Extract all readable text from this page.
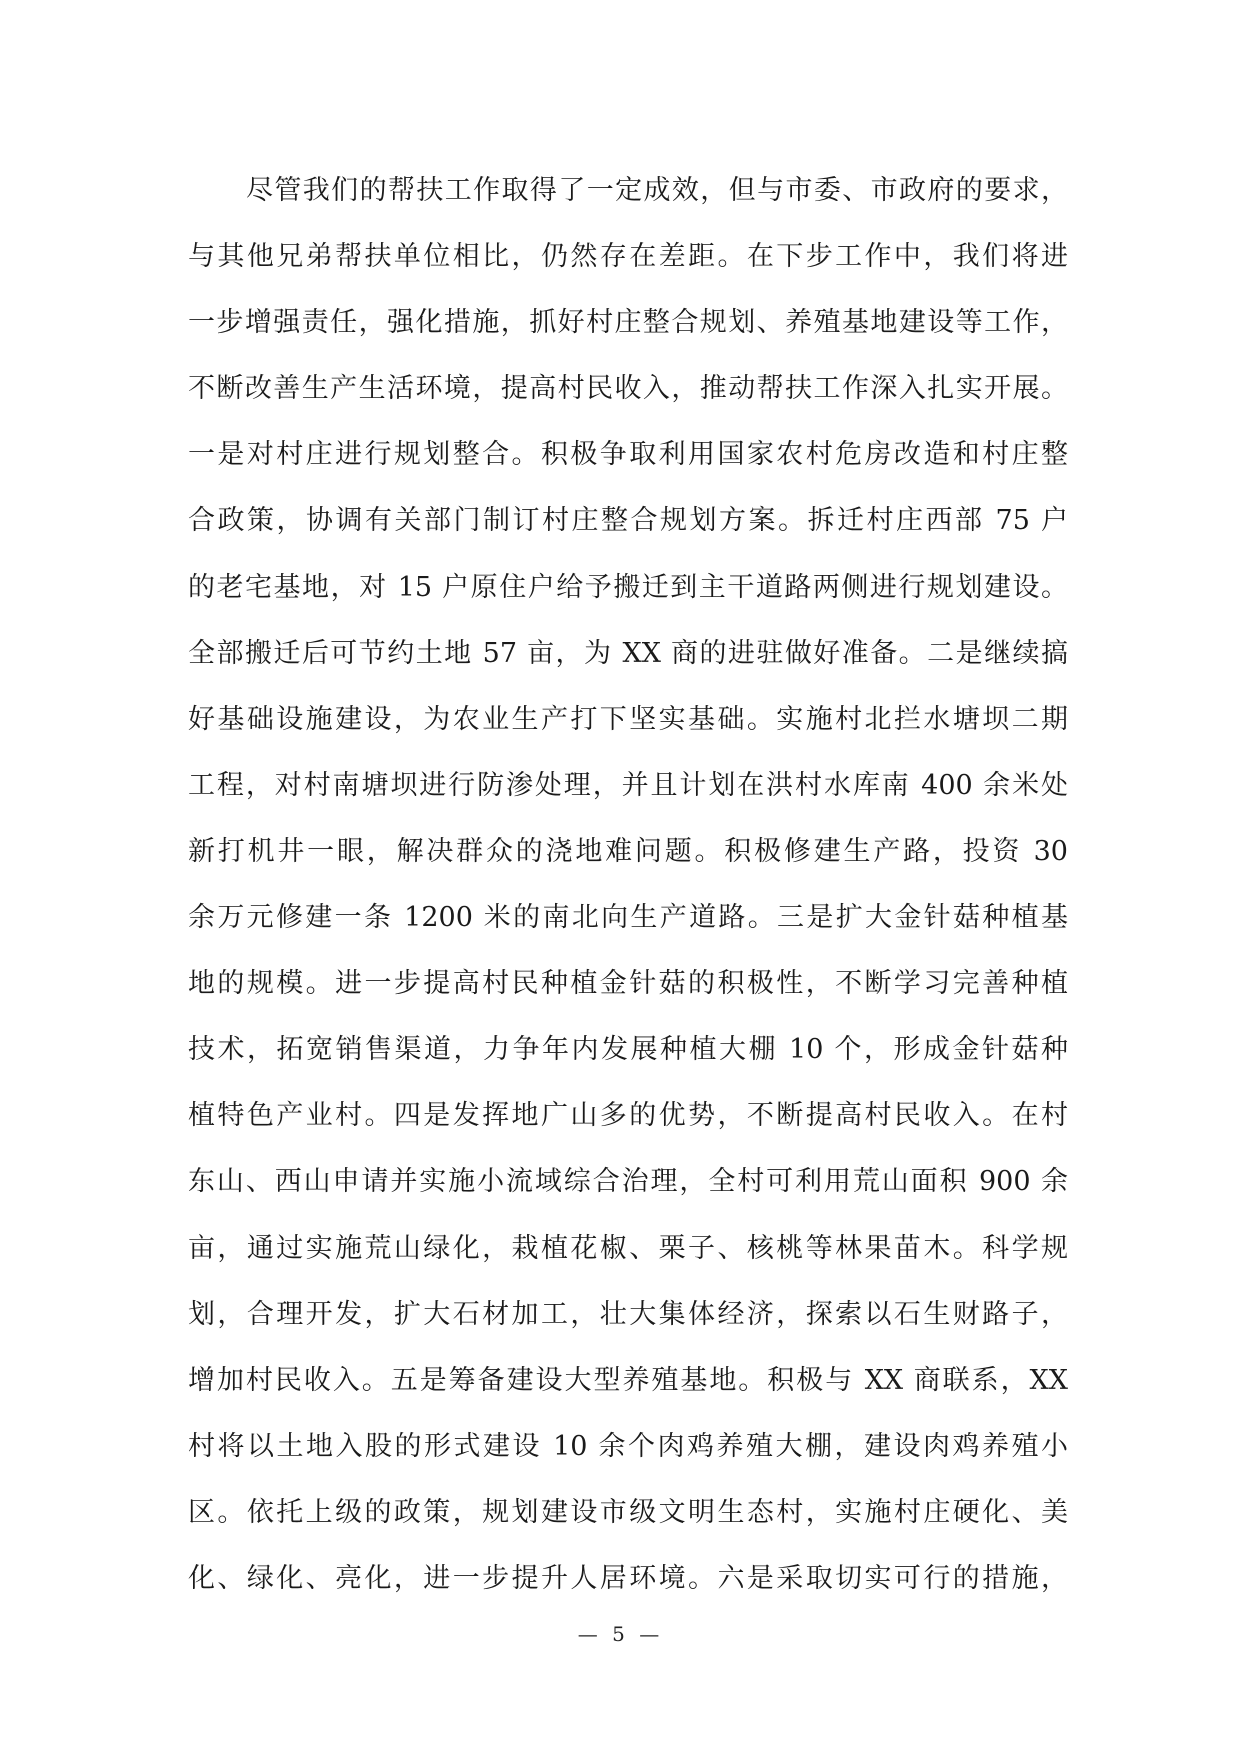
尽管我们的帮扶工作取得了一定成效，但与市委、市政府的要求，
与其他兄弟帮扶单位相比，仍然存在差距。在下步工作中，我们将进
一步增强责任，强化措施，抓好村庄整合规划、养殖基地建设等工作，
不断改善生产生活环境，提高村民收入，推动帮扶工作深入扎实开展。
一是对村庄进行规划整合。积极争取利用国家农村危房改造和村庄整
合政策，协调有关部门制订村庄整合规划方案。拆迁村庄西部 75 户
的老宅基地，对 15 户原住户给予搬迁到主干道路两侧进行规划建设。
全部搬迁后可节约土地 57 亩，为 XX 商的进驻做好准备。二是继续搞
好基础设施建设，为农业生产打下坚实基础。实施村北拦水塘坝二期
工程，对村南塘坝进行防渗处理，并且计划在洪村水库南 400 余米处
新打机井一眼，解决群众的浇地难问题。积极修建生产路，投资 30
余万元修建一条 1200 米的南北向生产道路。三是扩大金针菇种植基
地的规模。进一步提高村民种植金针菇的积极性，不断学习完善种植
技术，拓宽销售渠道，力争年内发展种植大棚 10 个，形成金针菇种
植特色产业村。四是发挥地广山多的优势，不断提高村民收入。在村
东山、西山申请并实施小流域综合治理，全村可利用荒山面积 900 余
亩，通过实施荒山绿化，栽植花椒、栗子、核桃等林果苗木。科学规
划，合理开发，扩大石材加工，壮大集体经济，探索以石生财路子，
增加村民收入。五是筹备建设大型养殖基地。积极与 XX 商联系，XX
村将以土地入股的形式建设 10 余个肉鸡养殖大棚，建设肉鸡养殖小
区。依托上级的政策，规划建设市级文明生态村，实施村庄硬化、美
化、绿化、亮化，进一步提升人居环境。六是采取切实可行的措施，
— 5 —
